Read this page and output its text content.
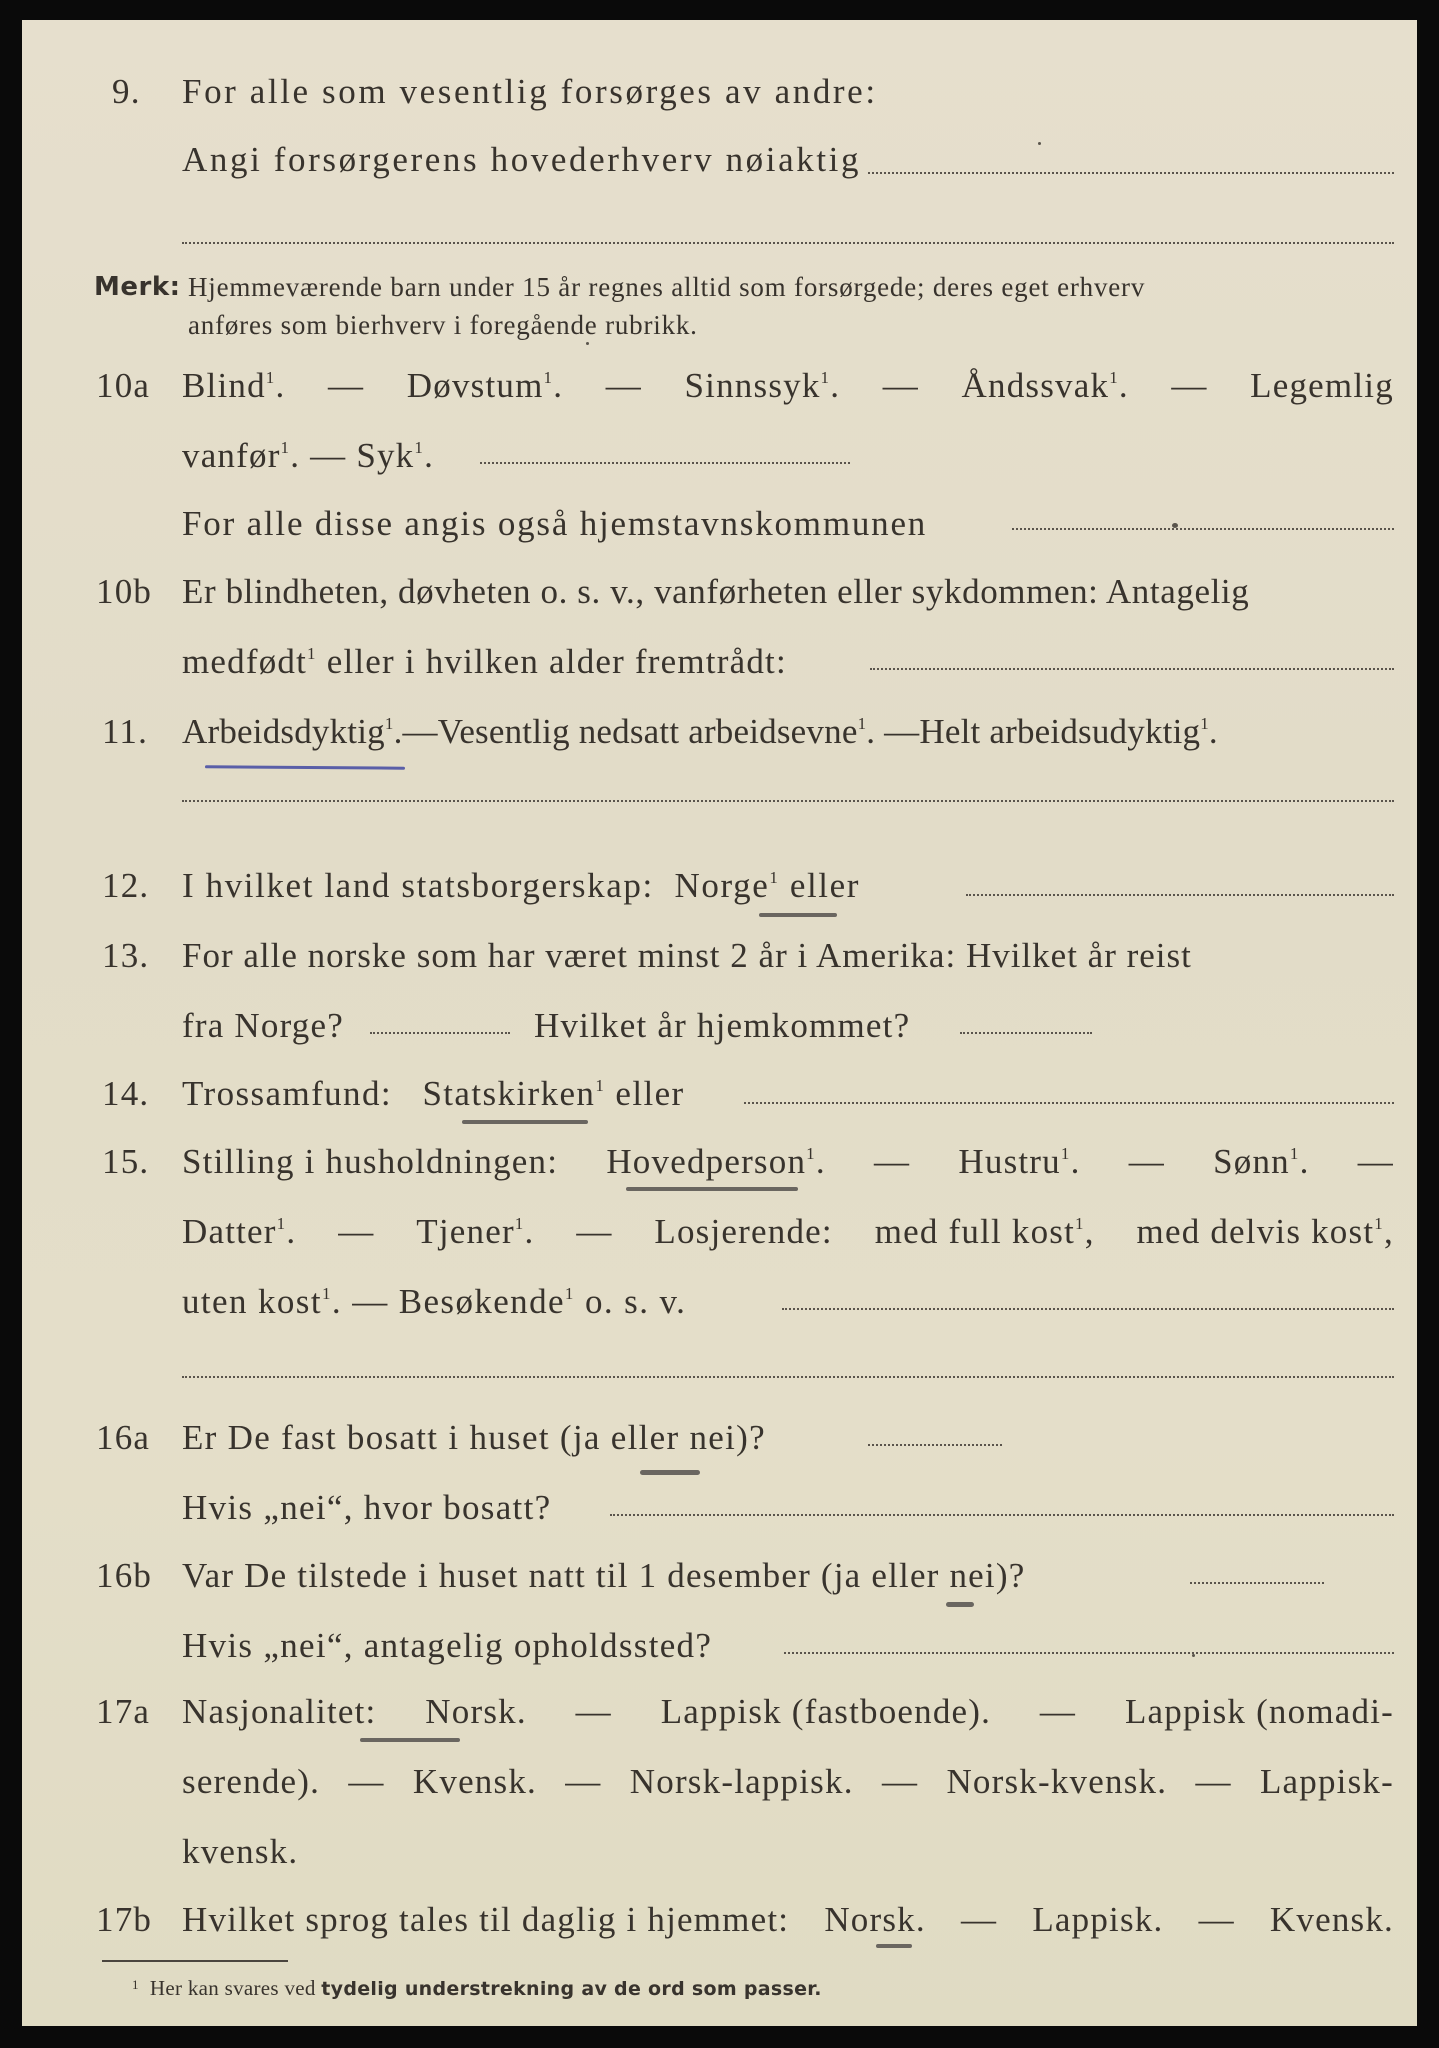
9. For alle som vesentlig forsørges av andre:
Angi forsørgerens hovederhverv nøiaktig
Merk: Hjemmeværende barn under 15 år regnes alltid som forsørgede; deres eget erhverv
anføres som bierhverv i foregående rubrikk.
10a Blind$^1$. — Døvstum$^1$. — Sinnssyk$^1$. — Åndssvak$^1$. — Legemlig
vanfør$^1$. — Syk$^1$.
For alle disse angis også hjemstavnskommunen
10b Er blindheten, døvheten o. s. v., vanførheten eller sykdommen: Antagelig
medfødt$^1$ eller i hvilken alder fremtrådt:
11. Arbeidsdyktig$^1$.—Vesentlig nedsatt arbeidsevne$^1$. —Helt arbeidsudyktig$^1$.
12. I hvilket land statsborgerskap: Norge$^1$ eller
13. For alle norske som har været minst 2 år i Amerika: Hvilket år reist
fra Norge?	Hvilket år hjemkommet?
14. Trossamfund: Statskirken$^1$ eller
15. Stilling i husholdningen: Hovedperson$^1$. — Hustru$^1$. — Sønn$^1$. —
Datter$^1$. — Tjener$^1$. — Losjerende: med full kost$^1$, med delvis kost$^1$,
uten kost$^1$. — Besøkende$^1$ o. s. v.
16a Er De fast bosatt i huset (ja eller nei)?
Hvis „nei“, hvor bosatt?
16b Var De tilstede i huset natt til 1 desember (ja eller nei)?
Hvis „nei“, antagelig opholdssted?
17a Nasjonalitet: Norsk. — Lappisk (fastboende). — Lappisk (nomadi-
serende). — Kvensk. — Norsk-lappisk. — Norsk-kvensk. — Lappisk-
kvensk.
17b Hvilket sprog tales til daglig i hjemmet: Norsk. — Lappisk. — Kvensk.
$^1$ Her kan svares ved tydelig understrekning av de ord som passer.
